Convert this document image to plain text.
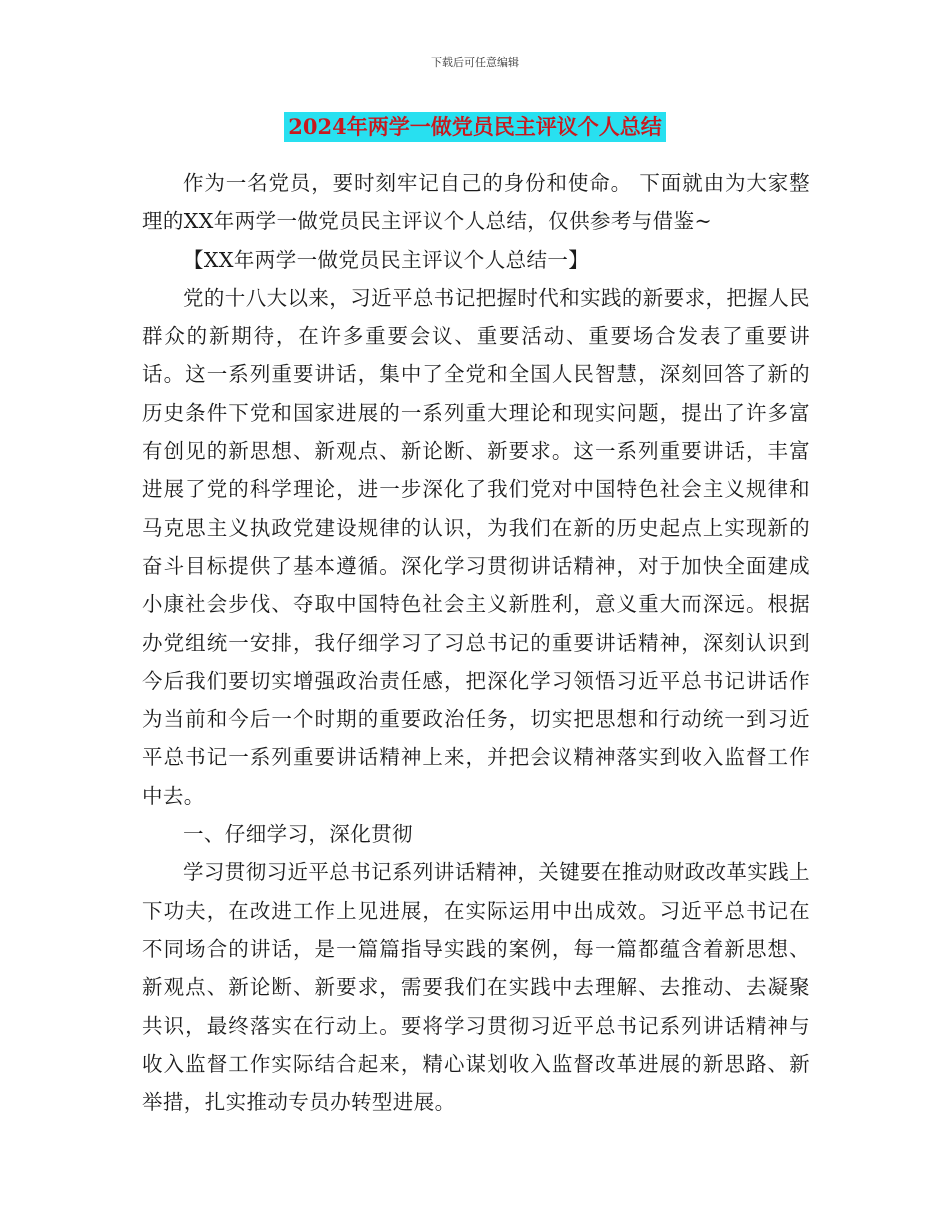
下载后可任意编辑
2024年两学一做党员民主评议个人总结

作为一名党员，要时刻牢记自己的身份和使命。 下面就由为大家整理的XX年两学一做党员民主评议个人总结，仅供参考与借鉴~

【XX年两学一做党员民主评议个人总结一】

党的十八大以来，习近平总书记把握时代和实践的新要求，把握人民群众的新期待，在许多重要会议、重要活动、重要场合发表了重要讲话。这一系列重要讲话，集中了全党和全国人民智慧，深刻回答了新的历史条件下党和国家进展的一系列重大理论和现实问题，提出了许多富有创见的新思想、新观点、新论断、新要求。这一系列重要讲话，丰富进展了党的科学理论，进一步深化了我们党对中国特色社会主义规律和马克思主义执政党建设规律的认识，为我们在新的历史起点上实现新的奋斗目标提供了基本遵循。深化学习贯彻讲话精神，对于加快全面建成小康社会步伐、夺取中国特色社会主义新胜利，意义重大而深远。根据办党组统一安排，我仔细学习了习总书记的重要讲话精神，深刻认识到今后我们要切实增强政治责任感，把深化学习领悟习近平总书记讲话作为当前和今后一个时期的重要政治任务，切实把思想和行动统一到习近平总书记一系列重要讲话精神上来，并把会议精神落实到收入监督工作中去。

一、仔细学习，深化贯彻

学习贯彻习近平总书记系列讲话精神，关键要在推动财政改革实践上下功夫，在改进工作上见进展，在实际运用中出成效。习近平总书记在不同场合的讲话，是一篇篇指导实践的案例，每一篇都蕴含着新思想、新观点、新论断、新要求，需要我们在实践中去理解、去推动、去凝聚共识，最终落实在行动上。要将学习贯彻习近平总书记系列讲话精神与收入监督工作实际结合起来，精心谋划收入监督改革进展的新思路、新举措，扎实推动专员办转型进展。
